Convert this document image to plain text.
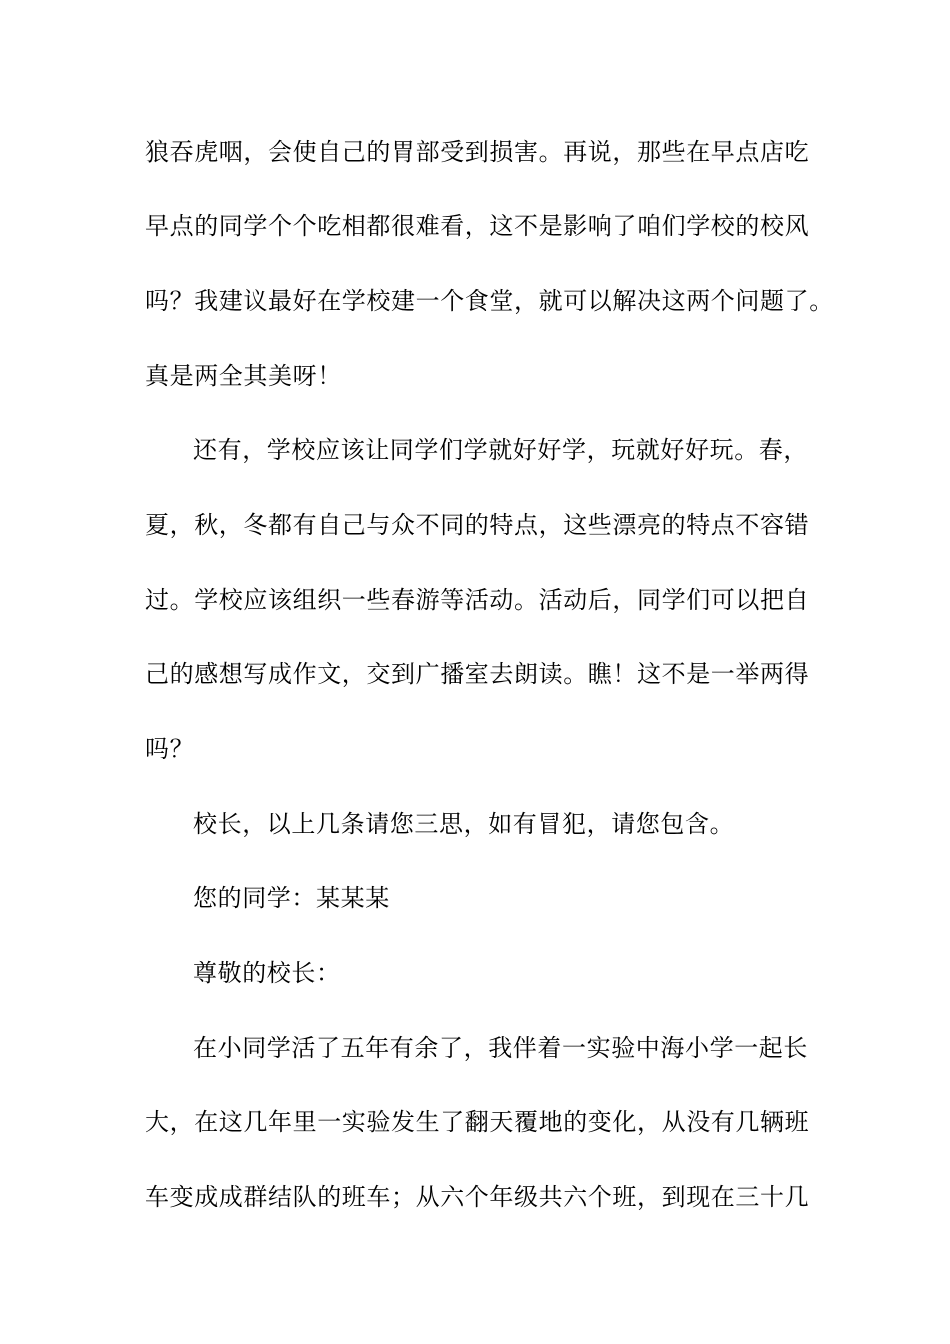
狼吞虎咽，会使自己的胃部受到损害。再说，那些在早点店吃
早点的同学个个吃相都很难看，这不是影响了咱们学校的校风
吗？我建议最好在学校建一个食堂，就可以解决这两个问题了。
真是两全其美呀！
还有，学校应该让同学们学就好好学，玩就好好玩。春，
夏，秋，冬都有自己与众不同的特点，这些漂亮的特点不容错
过。学校应该组织一些春游等活动。活动后，同学们可以把自
己的感想写成作文，交到广播室去朗读。瞧！这不是一举两得
吗？
校长，以上几条请您三思，如有冒犯，请您包含。
您的同学：某某某
尊敬的校长：
在小同学活了五年有余了，我伴着一实验中海小学一起长
大，在这几年里一实验发生了翻天覆地的变化，从没有几辆班
车变成成群结队的班车；从六个年级共六个班，到现在三十几
